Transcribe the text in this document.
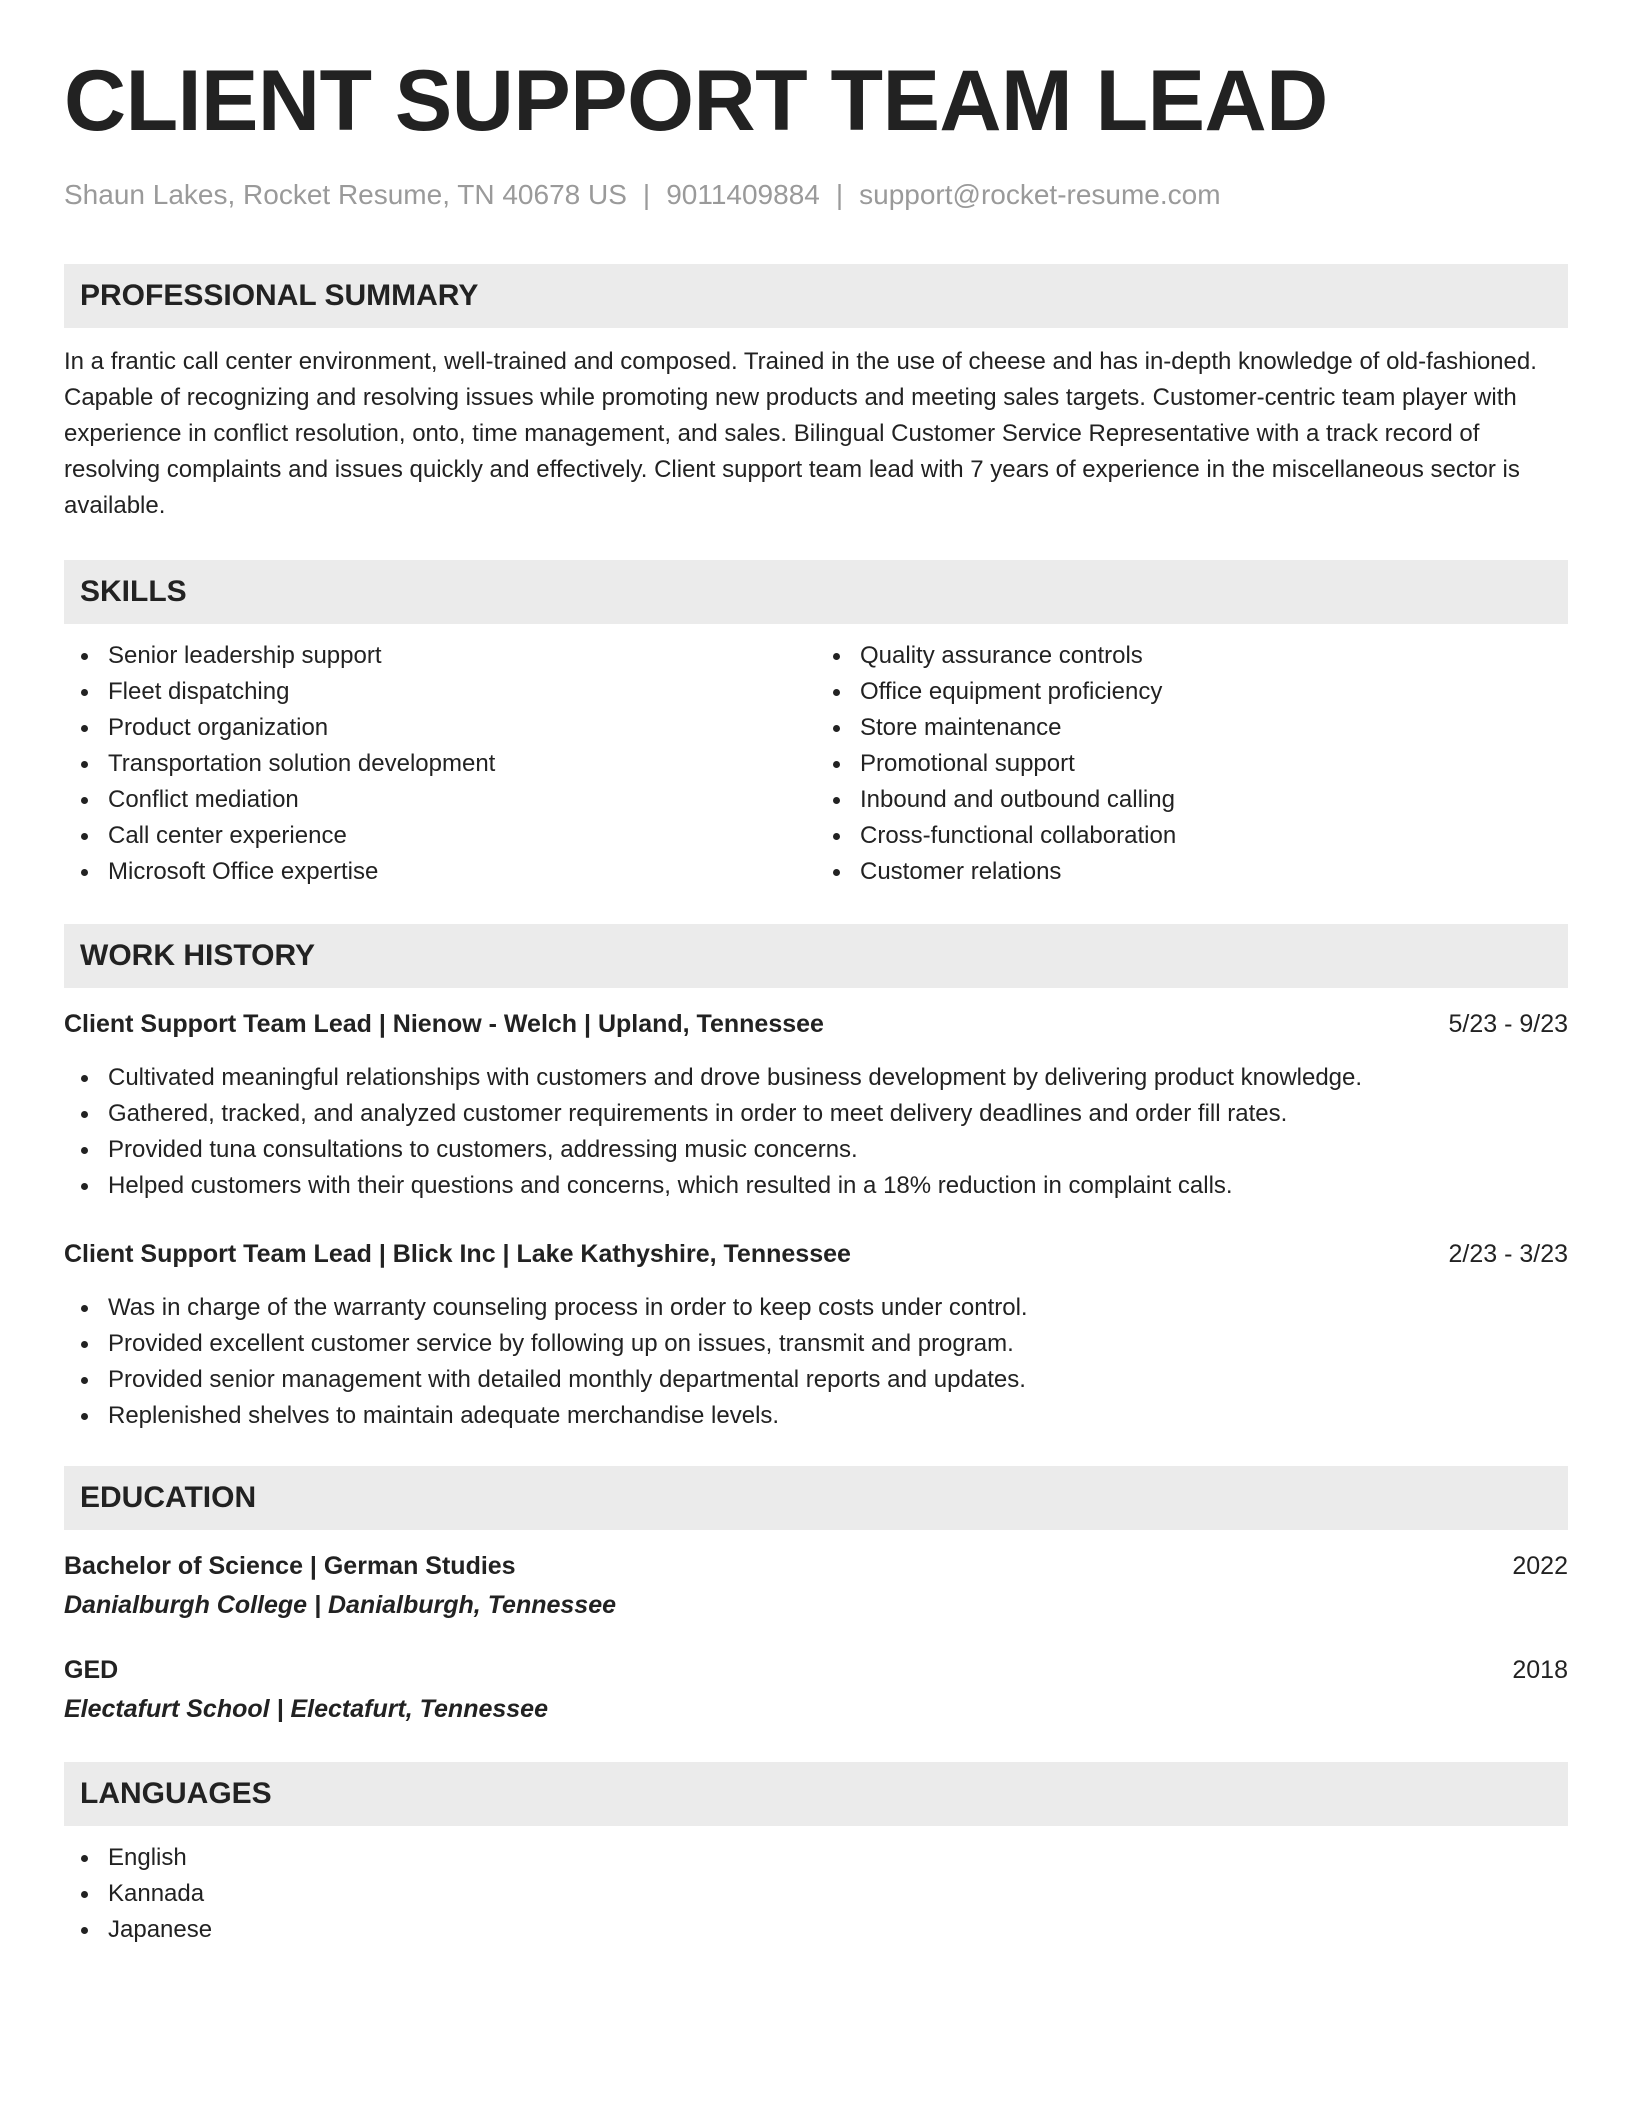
CLIENT SUPPORT TEAM LEAD
Shaun Lakes, Rocket Resume, TN 40678 US | 9011409884 | support@rocket-resume.com
PROFESSIONAL SUMMARY
In a frantic call center environment, well-trained and composed. Trained in the use of cheese and has in-depth knowledge of old-fashioned. Capable of recognizing and resolving issues while promoting new products and meeting sales targets. Customer-centric team player with experience in conflict resolution, onto, time management, and sales. Bilingual Customer Service Representative with a track record of resolving complaints and issues quickly and effectively. Client support team lead with 7 years of experience in the miscellaneous sector is available.
SKILLS
Senior leadership support
Fleet dispatching
Product organization
Transportation solution development
Conflict mediation
Call center experience
Microsoft Office expertise
Quality assurance controls
Office equipment proficiency
Store maintenance
Promotional support
Inbound and outbound calling
Cross-functional collaboration
Customer relations
WORK HISTORY
Client Support Team Lead | Nienow - Welch | Upland, Tennessee	5/23 - 9/23
Cultivated meaningful relationships with customers and drove business development by delivering product knowledge.
Gathered, tracked, and analyzed customer requirements in order to meet delivery deadlines and order fill rates.
Provided tuna consultations to customers, addressing music concerns.
Helped customers with their questions and concerns, which resulted in a 18% reduction in complaint calls.
Client Support Team Lead | Blick Inc | Lake Kathyshire, Tennessee	2/23 - 3/23
Was in charge of the warranty counseling process in order to keep costs under control.
Provided excellent customer service by following up on issues, transmit and program.
Provided senior management with detailed monthly departmental reports and updates.
Replenished shelves to maintain adequate merchandise levels.
EDUCATION
Bachelor of Science | German Studies	2022
Danialburgh College | Danialburgh, Tennessee
GED	2018
Electafurt School | Electafurt, Tennessee
LANGUAGES
English
Kannada
Japanese
